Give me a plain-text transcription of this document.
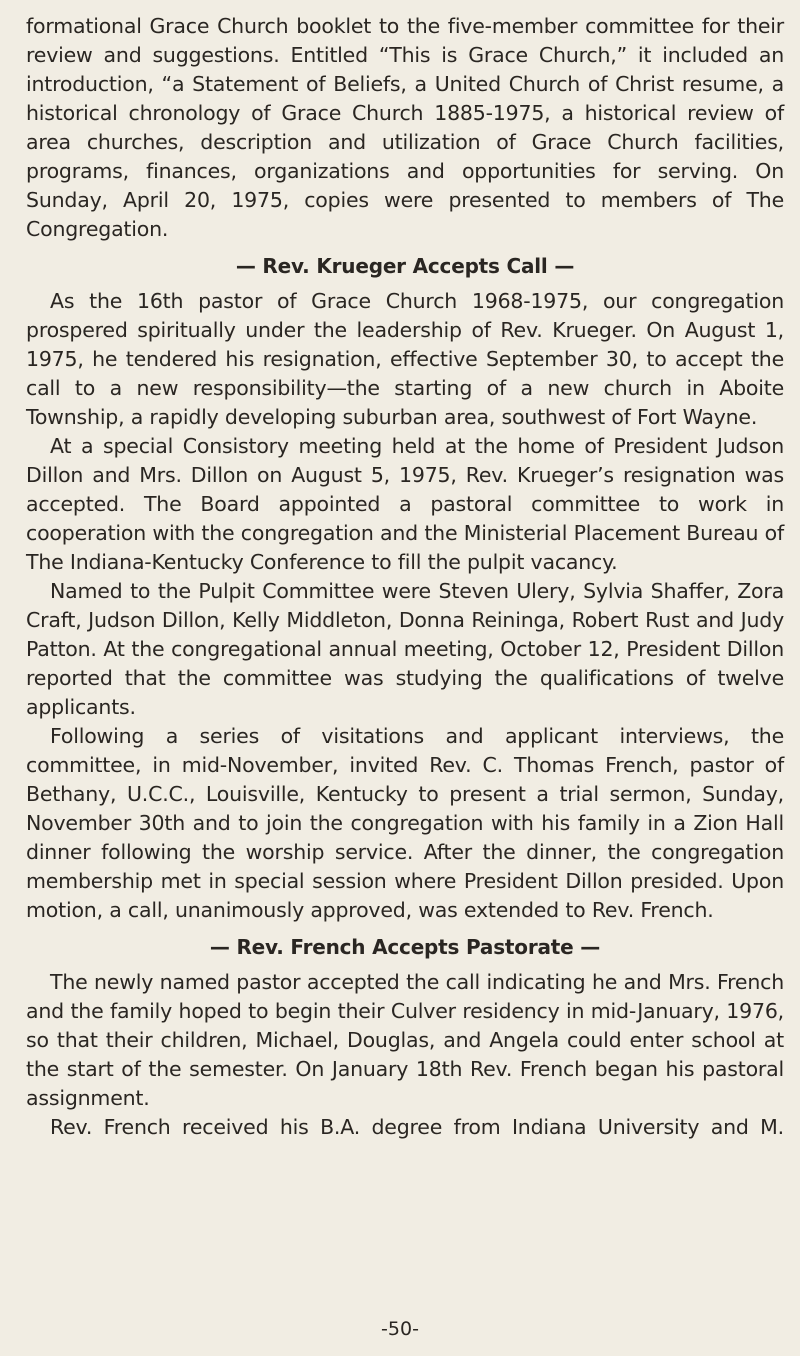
formational Grace Church booklet to the five-member committee for their review and suggestions. Entitled “This is Grace Church,” it included an introduction, “a Statement of Beliefs, a United Church of Christ resume, a historical chronology of Grace Church 1885-1975, a historical review of area churches, description and utilization of Grace Church facilities, programs, finances, organizations and opportunities for serving. On Sunday, April 20, 1975, copies were presented to members of The Congregation.

— Rev. Krueger Accepts Call —

As the 16th pastor of Grace Church 1968-1975, our congregation prospered spiritually under the leadership of Rev. Krueger. On August 1, 1975, he tendered his resignation, effective September 30, to accept the call to a new responsibility—the starting of a new church in Aboite Township, a rapidly developing suburban area, southwest of Fort Wayne.

At a special Consistory meeting held at the home of President Judson Dillon and Mrs. Dillon on August 5, 1975, Rev. Krueger’s resignation was accepted. The Board appointed a pastoral committee to work in cooperation with the congregation and the Ministerial Placement Bureau of The Indiana-Kentucky Conference to fill the pulpit vacancy.

Named to the Pulpit Committee were Steven Ulery, Sylvia Shaffer, Zora Craft, Judson Dillon, Kelly Middleton, Donna Reininga, Robert Rust and Judy Patton. At the congregational annual meeting, October 12, President Dillon reported that the committee was studying the qualifications of twelve applicants.

Following a series of visitations and applicant interviews, the committee, in mid-November, invited Rev. C. Thomas French, pastor of Bethany, U.C.C., Louisville, Kentucky to present a trial sermon, Sunday, November 30th and to join the congregation with his family in a Zion Hall dinner following the worship service. After the dinner, the congregation membership met in special session where President Dillon presided. Upon motion, a call, unanimously approved, was extended to Rev. French.

— Rev. French Accepts Pastorate —

The newly named pastor accepted the call indicating he and Mrs. French and the family hoped to begin their Culver residency in mid-January, 1976, so that their children, Michael, Douglas, and Angela could enter school at the start of the semester. On January 18th Rev. French began his pastoral assignment.

Rev. French received his B.A. degree from Indiana University and M.

-50-
